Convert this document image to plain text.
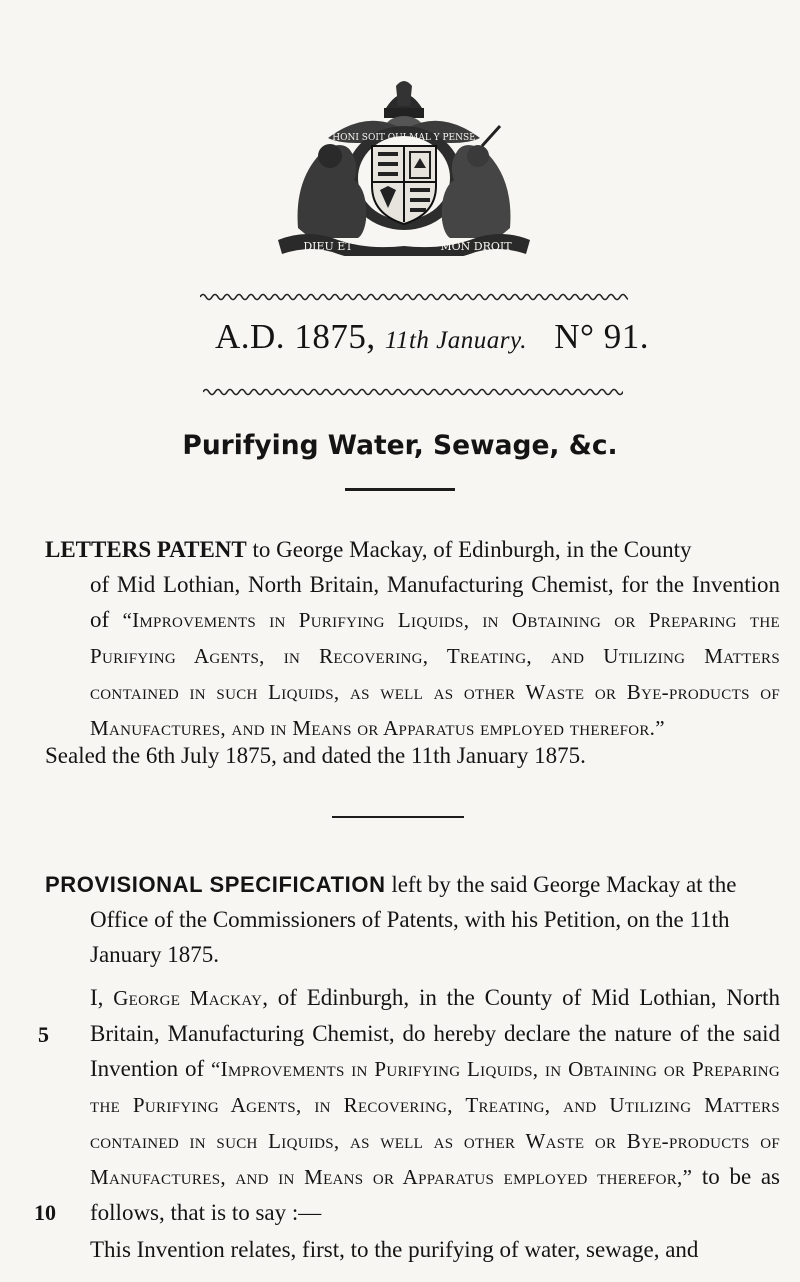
HONI SOIT QUI MAL Y PENSE
DIEU ET	MON DROIT
A.D. 1875, 11th January. N° 91.
Purifying Water, Sewage, &c.
LETTERS PATENT to George Mackay, of Edinburgh, in the County
of Mid Lothian, North Britain, Manufacturing Chemist, for the Invention of “Improvements in Purifying Liquids, in Obtaining or Preparing the Purifying Agents, in Recovering, Treating, and Utilizing Matters contained in such Liquids, as well as other Waste or Bye-products of Manufactures, and in Means or Apparatus employed therefor.”
Sealed the 6th July 1875, and dated the 11th January 1875.
PROVISIONAL SPECIFICATION left by the said George Mackay at the
Office of the Commissioners of Patents, with his Petition, on the 11th January 1875.

I, George Mackay, of Edinburgh, in the County of Mid Lothian, North Britain, Manufacturing Chemist, do hereby declare the nature of the said Invention of “Improvements in Purifying Liquids, in Obtaining or Preparing the Purifying Agents, in Recovering, Treating, and Utilizing Matters contained in such Liquids, as well as other Waste or Bye-products of Manufactures, and in Means or Apparatus employed therefor,” to be as follows, that is to say :—

5
10
This Invention relates, first, to the purifying of water, sewage, and
